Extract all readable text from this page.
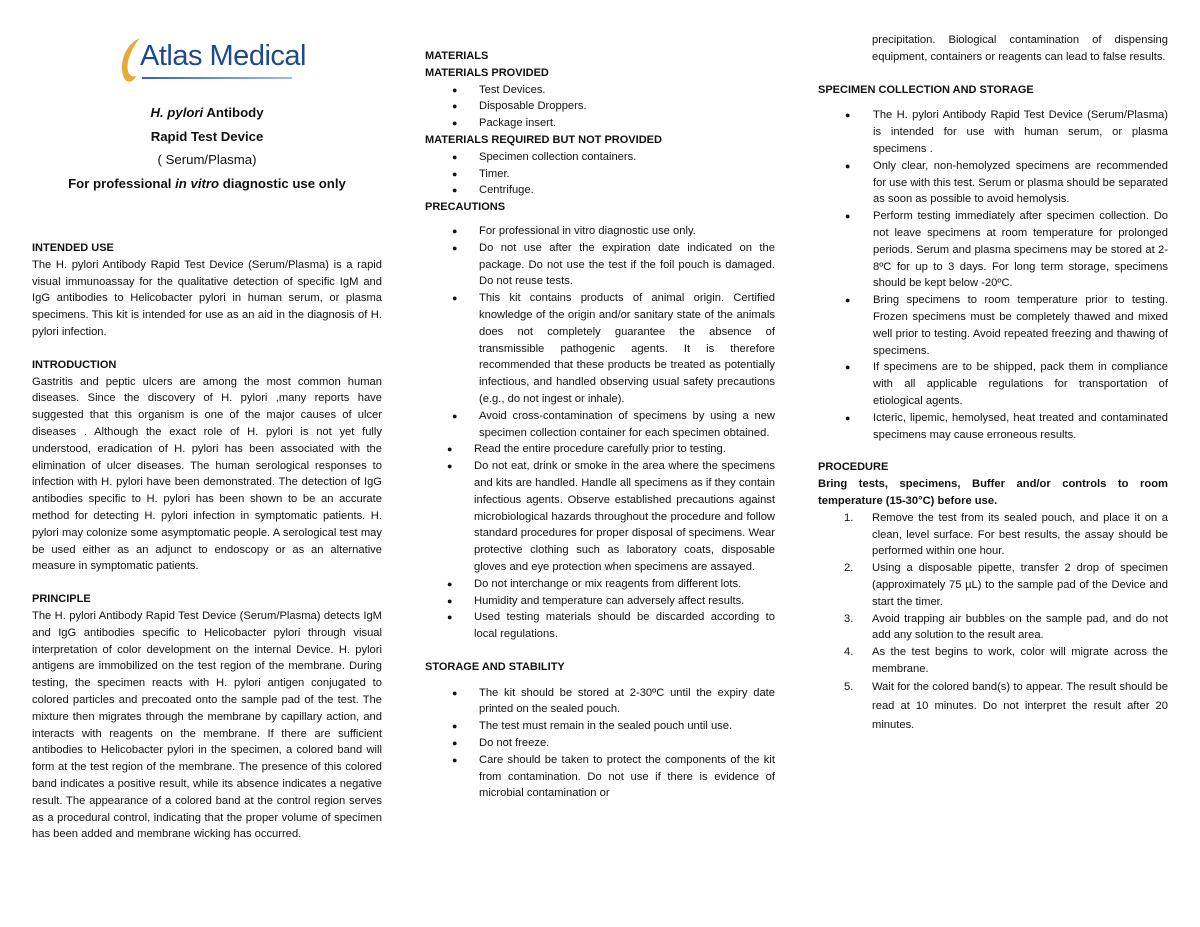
Atlas Medical
H. pylori Antibody
Rapid Test Device
( Serum/Plasma)
For professional in vitro diagnostic use only
INTENDED USE

The H. pylori Antibody Rapid Test Device (Serum/Plasma) is a rapid visual immunoassay for the qualitative detection of specific IgM and IgG antibodies to Helicobacter pylori in human serum, or plasma specimens. This kit is intended for use as an aid in the diagnosis of H. pylori infection.

INTRODUCTION

Gastritis and peptic ulcers are among the most common human diseases. Since the discovery of H. pylori ,many reports have suggested that this organism is one of the major causes of ulcer diseases . Although the exact role of H. pylori is not yet fully understood, eradication of H. pylori has been associated with the elimination of ulcer diseases. The human serological responses to infection with H. pylori have been demonstrated. The detection of IgG antibodies specific to H. pylori has been shown to be an accurate method for detecting H. pylori infection in symptomatic patients. H. pylori may colonize some asymptomatic people. A serological test may be used either as an adjunct to endoscopy or as an alternative measure in symptomatic patients.

PRINCIPLE

The H. pylori Antibody Rapid Test Device (Serum/Plasma) detects IgM and IgG antibodies specific to Helicobacter pylori through visual interpretation of color development on the internal Device. H. pylori antigens are immobilized on the test region of the membrane. During testing, the specimen reacts with H. pylori antigen conjugated to colored particles and precoated onto the sample pad of the test. The mixture then migrates through the membrane by capillary action, and interacts with reagents on the membrane. If there are sufficient antibodies to Helicobacter pylori in the specimen, a colored band will form at the test region of the membrane. The presence of this colored band indicates a positive result, while its absence indicates a negative result. The appearance of a colored band at the control region serves as a procedural control, indicating that the proper volume of specimen has been added and membrane wicking has occurred.

MATERIALS
MATERIALS PROVIDED
● Test Devices.
● Disposable Droppers.
● Package insert.
MATERIALS REQUIRED BUT NOT PROVIDED
● Specimen collection containers.
● Timer.
● Centrifuge.
PRECAUTIONS
● For professional in vitro diagnostic use only.
● Do not use after the expiration date indicated on the package. Do not use the test if the foil pouch is damaged. Do not reuse tests.
● This kit contains products of animal origin. Certified knowledge of the origin and/or sanitary state of the animals does not completely guarantee the absence of transmissible pathogenic agents. It is therefore recommended that these products be treated as potentially infectious, and handled observing usual safety precautions (e.g., do not ingest or inhale).
● Avoid cross-contamination of specimens by using a new specimen collection container for each specimen obtained.
● Read the entire procedure carefully prior to testing.
● Do not eat, drink or smoke in the area where the specimens and kits are handled. Handle all specimens as if they contain infectious agents. Observe established precautions against microbiological hazards throughout the procedure and follow standard procedures for proper disposal of specimens. Wear protective clothing such as laboratory coats, disposable gloves and eye protection when specimens are assayed.
● Do not interchange or mix reagents from different lots.
● Humidity and temperature can adversely affect results.
● Used testing materials should be discarded according to local regulations.
STORAGE AND STABILITY
● The kit should be stored at 2-30ºC until the expiry date printed on the sealed pouch.
● The test must remain in the sealed pouch until use.
● Do not freeze.
● Care should be taken to protect the components of the kit from contamination. Do not use if there is evidence of microbial contamination or

precipitation. Biological contamination of dispensing equipment, containers or reagents can lead to false results.

SPECIMEN COLLECTION AND STORAGE
● The H. pylori Antibody Rapid Test Device (Serum/Plasma) is intended for use with human serum, or plasma specimens .
● Only clear, non-hemolyzed specimens are recommended for use with this test. Serum or plasma should be separated as soon as possible to avoid hemolysis.
● Perform testing immediately after specimen collection. Do not leave specimens at room temperature for prolonged periods. Serum and plasma specimens may be stored at 2-8ºC for up to 3 days. For long term storage, specimens should be kept below -20ºC.
● Bring specimens to room temperature prior to testing. Frozen specimens must be completely thawed and mixed well prior to testing. Avoid repeated freezing and thawing of specimens.
● If specimens are to be shipped, pack them in compliance with all applicable regulations for transportation of etiological agents.
● Icteric, lipemic, hemolysed, heat treated and contaminated specimens may cause erroneous results.
PROCEDURE

Bring tests, specimens, Buffer and/or controls to room temperature (15-30°C) before use.

1. Remove the test from its sealed pouch, and place it on a clean, level surface. For best results, the assay should be performed within one hour.
2. Using a disposable pipette, transfer 2 drop of specimen (approximately 75 µL) to the sample pad of the Device and start the timer.
3. Avoid trapping air bubbles on the sample pad, and do not add any solution to the result area.
4. As the test begins to work, color will migrate across the membrane.
5. Wait for the colored band(s) to appear. The result should be read at 10 minutes. Do not interpret the result after 20 minutes.
